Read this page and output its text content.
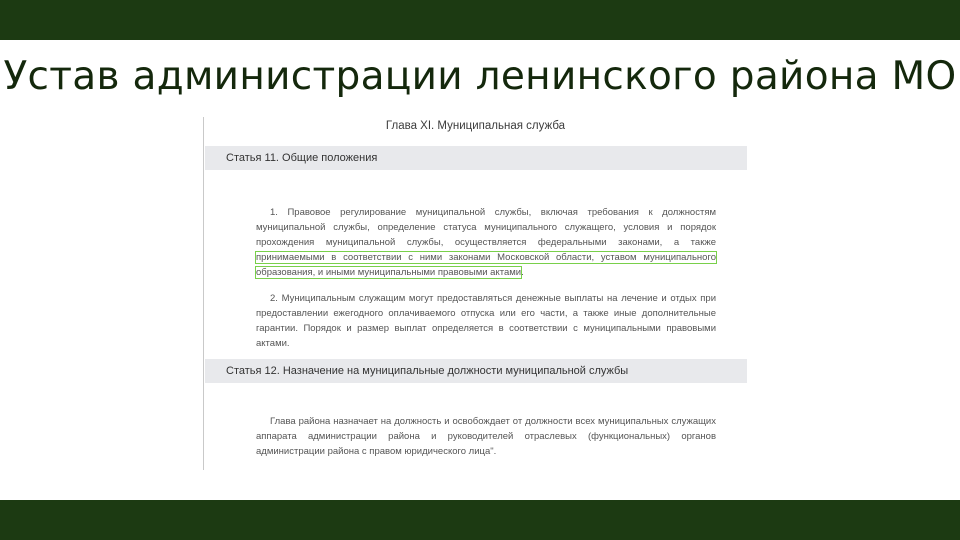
Устав администрации ленинского района МО
Глава XI. Муниципальная служба
Статья 11. Общие положения
1. Правовое регулирование муниципальной службы, включая требования к должностям муниципальной службы, определение статуса муниципального служащего, условия и порядок прохождения муниципальной службы, осуществляется федеральными законами, а также принимаемыми в соответствии с ними законами Московской области, уставом муниципального образования, и иными муниципальными правовыми актами.
2. Муниципальным служащим могут предоставляться денежные выплаты на лечение и отдых при предоставлении ежегодного оплачиваемого отпуска или его части, а также иные дополнительные гарантии. Порядок и размер выплат определяется в соответствии с муниципальными правовыми актами.
Статья 12. Назначение на муниципальные должности муниципальной службы
Глава района назначает на должность и освобождает от должности всех муниципальных служащих аппарата администрации района и руководителей отраслевых (функциональных) органов администрации района с правом юридического лица".
